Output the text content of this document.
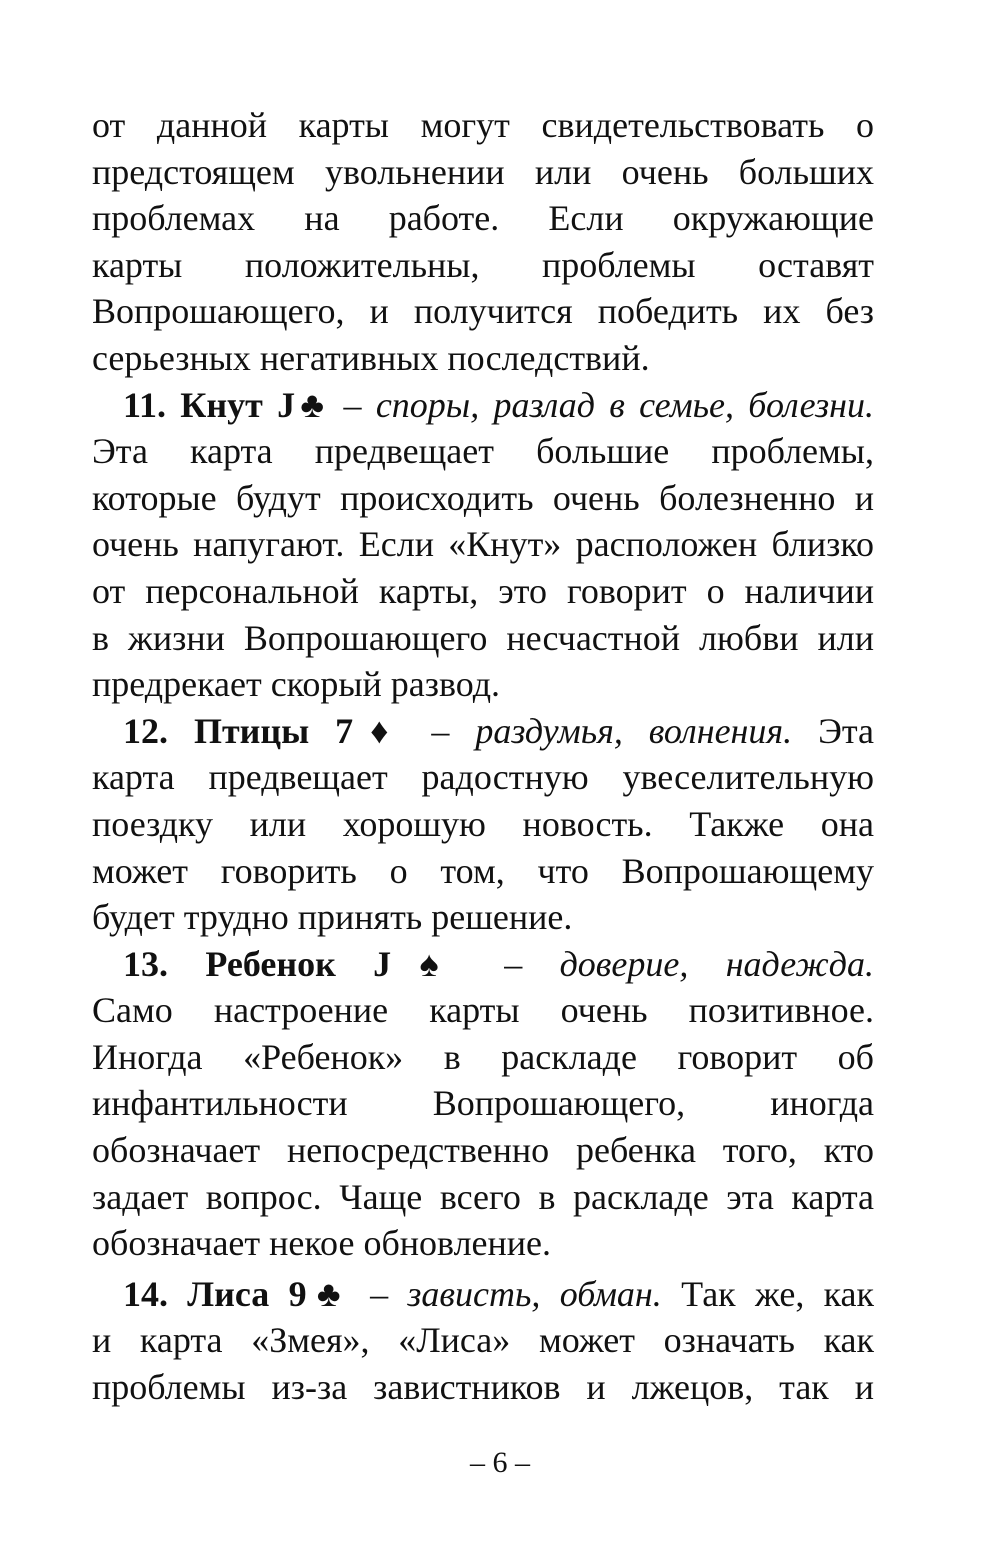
от данной карты могут свидетельствовать о
предстоящем увольнении или очень больших
проблемах на работе. Если окружающие
карты положительны, проблемы оставят
Вопрошающего, и получится победить их без
серьезных негативных последствий.
11. Кнут J♣ – споры, разлад в семье, болезни.
Эта карта предвещает большие проблемы,
которые будут происходить очень болезненно и
очень напугают. Если «Кнут» расположен близко
от персональной карты, это говорит о наличии
в жизни Вопрошающего несчастной любви или
предрекает скорый развод.
12. Птицы 7♦ – раздумья, волнения. Эта
карта предвещает радостную увеселительную
поездку или хорошую новость. Также она
может говорить о том, что Вопрошающему
будет трудно принять решение.
13. Ребенок J♠ – доверие, надежда.
Само настроение карты очень позитивное.
Иногда «Ребенок» в раскладе говорит об
инфантильности Вопрошающего, иногда
обозначает непосредственно ребенка того, кто
задает вопрос. Чаще всего в раскладе эта карта
обозначает некое обновление.
14. Лиса 9♣ – зависть, обман. Так же, как
и карта «Змея», «Лиса» может означать как
проблемы из-за завистников и лжецов, так и
– 6 –
